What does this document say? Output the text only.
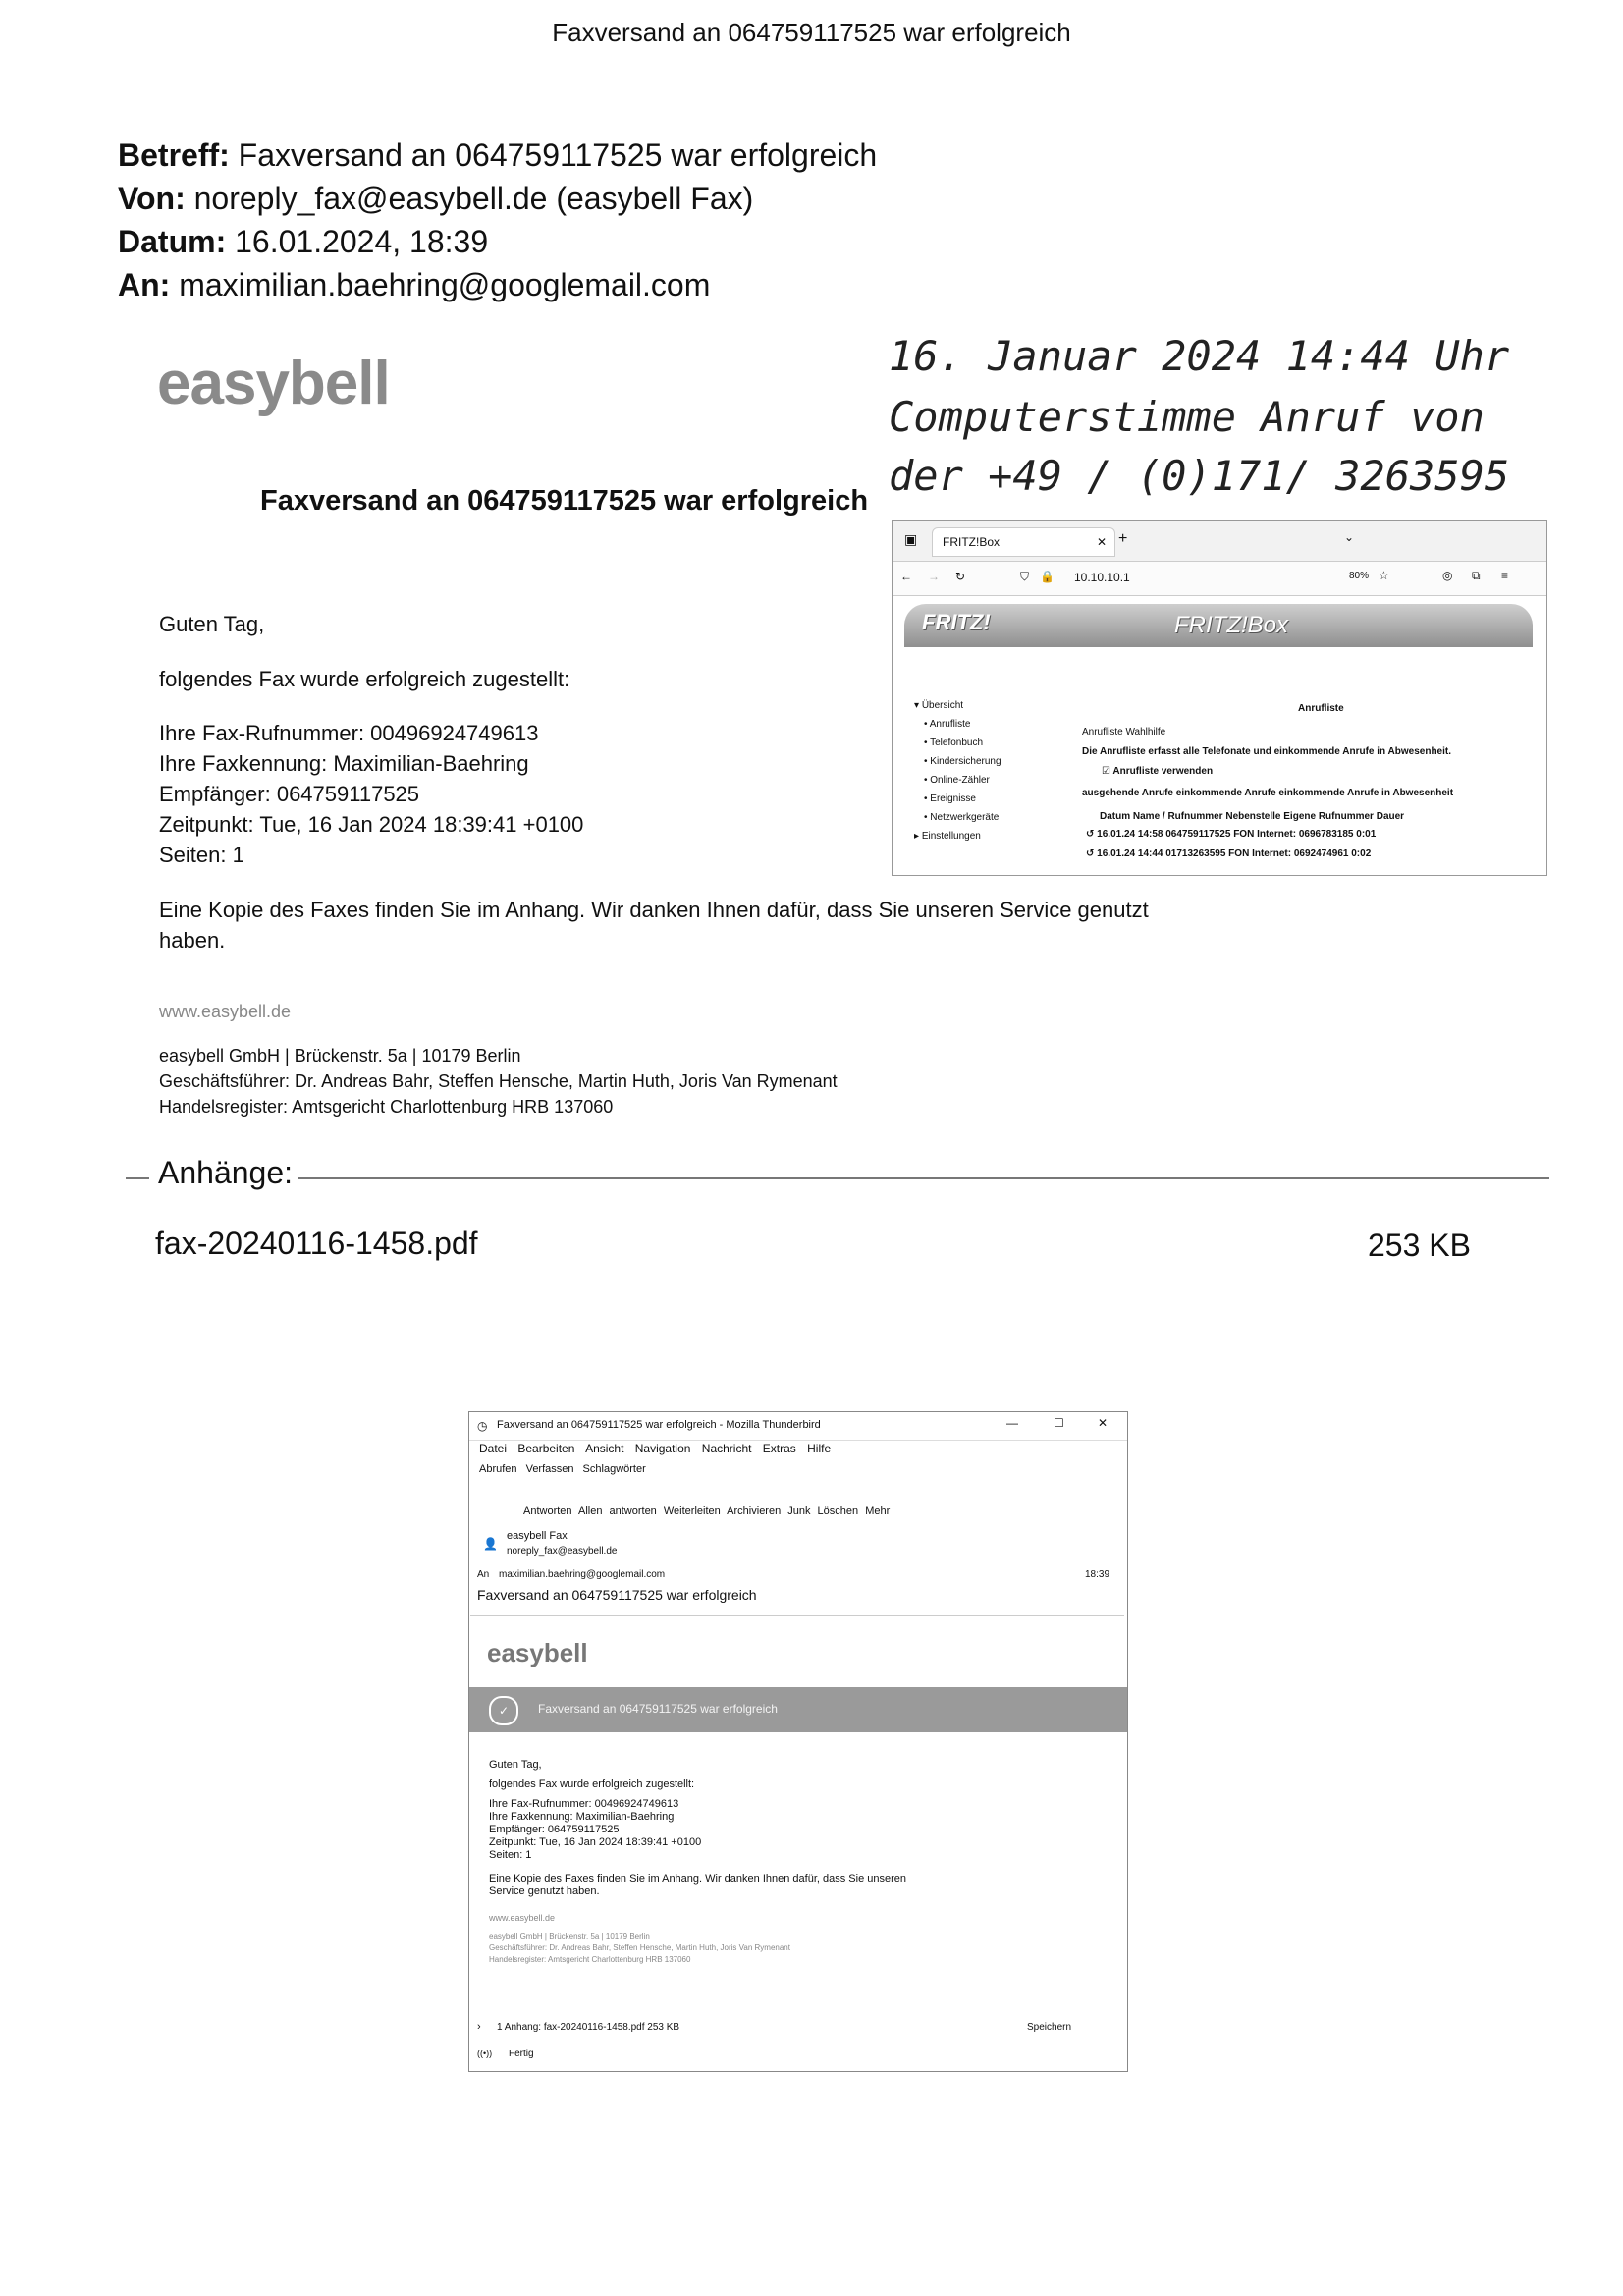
Faxversand an 064759117525 war erfolgreich
Betreff: Faxversand an 064759117525 war erfolgreich
Von: noreply_fax@easybell.de (easybell Fax)
Datum: 16.01.2024, 18:39
An: maximilian.baehring@googlemail.com
easybell	16. Januar 2024 14:44 Uhr
Computerstimme Anruf von
der +49 / (0)171/ 3263595
Faxversand an 064759117525 war erfolgreich
Guten Tag,
folgendes Fax wurde erfolgreich zugestellt:
Ihre Fax-Rufnummer: 00496924749613
Ihre Faxkennung: Maximilian-Baehring
Empfänger: 064759117525
Zeitpunkt: Tue, 16 Jan 2024 18:39:41 +0100
Seiten: 1
Eine Kopie des Faxes finden Sie im Anhang. Wir danken Ihnen dafür, dass Sie unseren Service genutzt
haben.
www.easybell.de
easybell GmbH | Brückenstr. 5a | 10179 Berlin
Geschäftsführer: Dr. Andreas Bahr, Steffen Hensche, Martin Huth, Joris Van Rymenant
Handelsregister: Amtsgericht Charlottenburg HRB 137060
Anhänge:
fax-20240116-1458.pdf	253 KB
▣	FRITZ!Box	✕ +	⌄
← → ↻	⛉ 🔒 10.10.10.1	80% ☆	◎ ⧉ ≡
FRITZ!	FRITZ!Box
▾ Übersicht
• Anrufliste
• Telefonbuch
• Kindersicherung
• Online-Zähler
• Ereignisse
• Netzwerkgeräte
▸ Einstellungen
Anrufliste
Anrufliste Wahlhilfe
Die Anrufliste erfasst alle Telefonate und einkommende Anrufe in Abwesenheit.
☑ Anrufliste verwenden
ausgehende Anrufe einkommende Anrufe einkommende Anrufe in Abwesenheit
Datum Name / Rufnummer Nebenstelle Eigene Rufnummer Dauer
↺ 16.01.24 14:58 064759117525 FON Internet: 0696783185 0:01
↺ 16.01.24 14:44 01713263595 FON Internet: 0692474961 0:02
◷ Faxversand an 064759117525 war erfolgreich - Mozilla Thunderbird	—	☐	✕
Datei Bearbeiten Ansicht Navigation Nachricht Extras Hilfe
Abrufen Verfassen Schlagwörter
Antworten Allen antworten Weiterleiten Archivieren Junk Löschen Mehr
👤
easybell Fax
noreply_fax@easybell.de
An maximilian.baehring@googlemail.com	18:39
Faxversand an 064759117525 war erfolgreich
easybell
✓	Faxversand an 064759117525 war erfolgreich
Guten Tag,
folgendes Fax wurde erfolgreich zugestellt:
Ihre Fax-Rufnummer: 00496924749613
Ihre Faxkennung: Maximilian-Baehring
Empfänger: 064759117525
Zeitpunkt: Tue, 16 Jan 2024 18:39:41 +0100
Seiten: 1
Eine Kopie des Faxes finden Sie im Anhang. Wir danken Ihnen dafür, dass Sie unseren
Service genutzt haben.
www.easybell.de
easybell GmbH | Brückenstr. 5a | 10179 Berlin
Geschäftsführer: Dr. Andreas Bahr, Steffen Hensche, Martin Huth, Joris Van Rymenant
Handelsregister: Amtsgericht Charlottenburg HRB 137060
› 1 Anhang: fax-20240116-1458.pdf 253 KB	Speichern
((•)) Fertig
